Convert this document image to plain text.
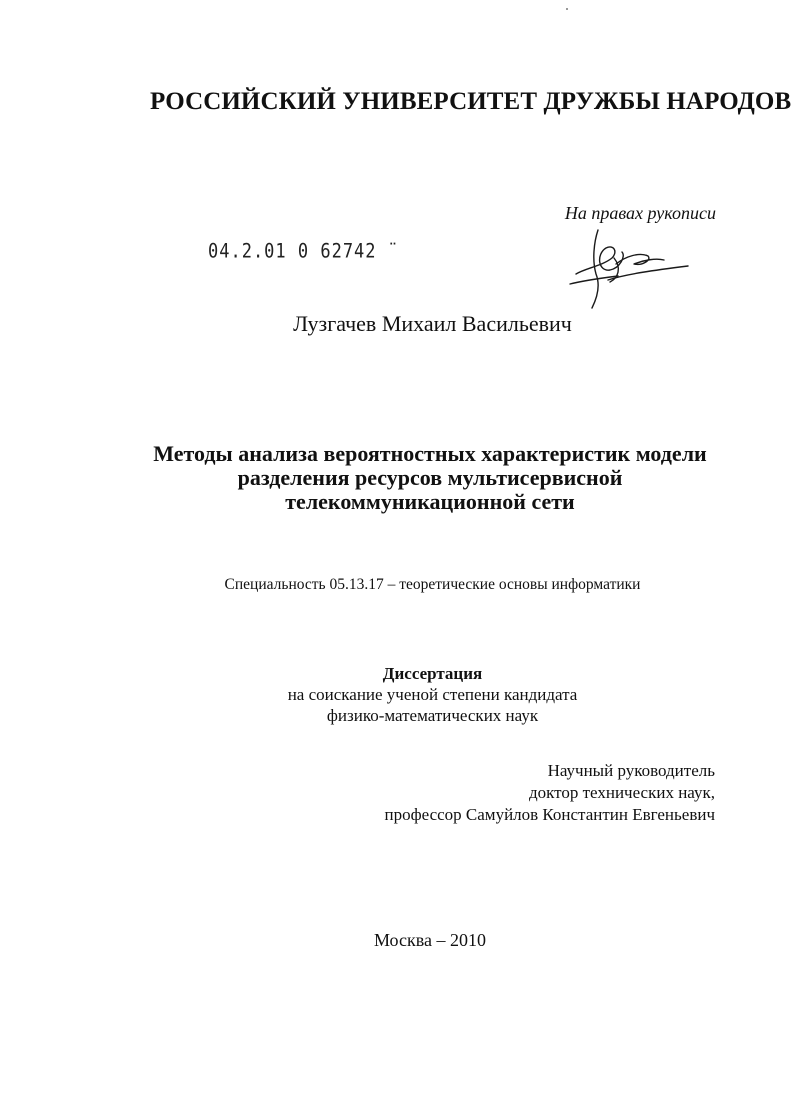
РОССИЙСКИЙ УНИВЕРСИТЕТ ДРУЖБЫ НАРОДОВ
На правах рукописи
04.2.01 0 62742 ¨
Лузгачев Михаил Васильевич
Методы анализа вероятностных характеристик модели
разделения ресурсов мультисервисной
телекоммуникационной сети
Специальность 05.13.17 – теоретические основы информатики
Диссертация
на соискание ученой степени кандидата
физико-математических наук
Научный руководитель
доктор технических наук,
профессор Самуйлов Константин Евгеньевич
Москва – 2010
